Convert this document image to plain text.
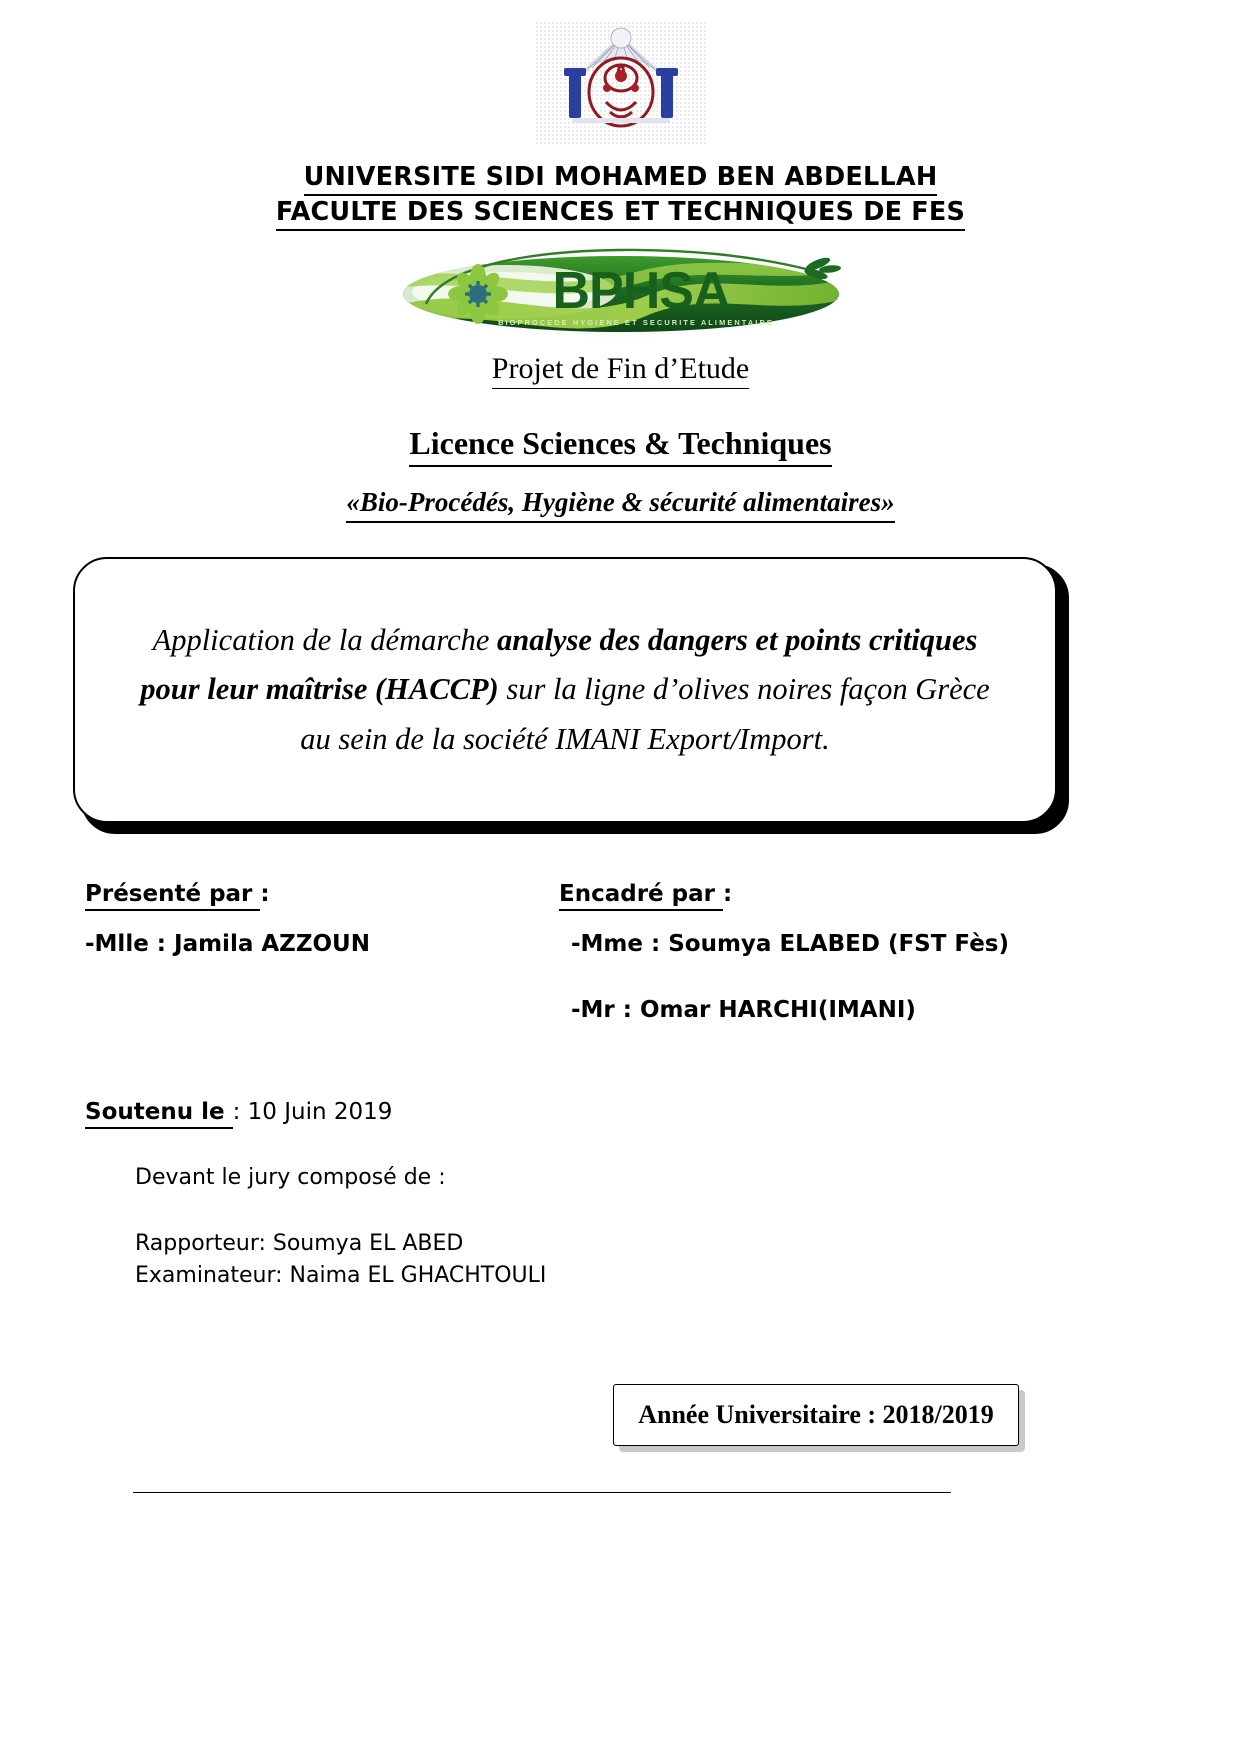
UNIVERSITE SIDI MOHAMED BEN ABDELLAH
FACULTE DES SCIENCES ET TECHNIQUES DE FES
BPHSA
BIOPROCEDE HYGIENE ET SECURITE ALIMENTAIRE
Projet de Fin d’Etude
Licence Sciences & Techniques
«Bio-Procédés, Hygiène & sécurité alimentaires»
Application de la démarche analyse des dangers et points critiques pour leur maîtrise (HACCP) sur la ligne d’olives noires façon Grèce au sein de la société IMANI Export/Import.
Présenté par :
-Mlle : Jamila AZZOUN
Encadré par :
-Mme : Soumya ELABED (FST Fès)
-Mr : Omar HARCHI(IMANI)
Soutenu le : 10 Juin 2019
Devant le jury composé de :
Rapporteur: Soumya EL ABED
Examinateur: Naima EL GHACHTOULI
Année Universitaire : 2018/2019
